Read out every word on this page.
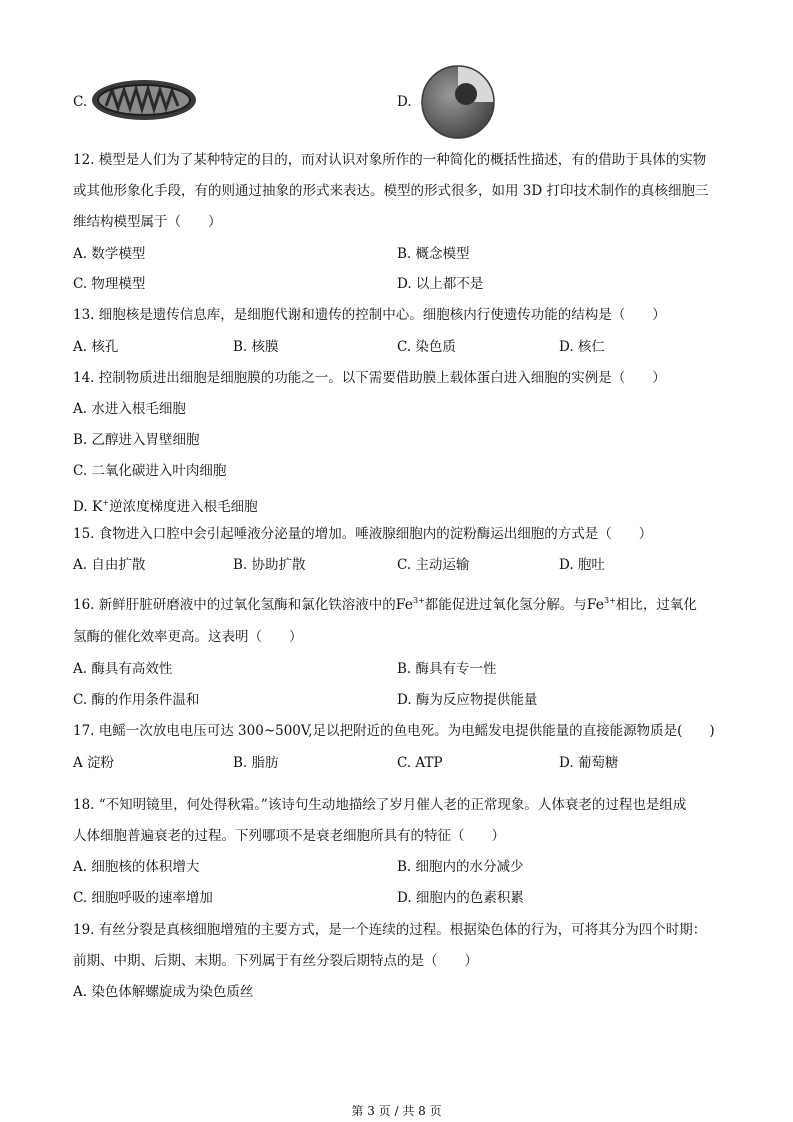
C.	D.
12. 模型是人们为了某种特定的目的，而对认识对象所作的一种简化的概括性描述，有的借助于具体的实物
或其他形象化手段，有的则通过抽象的形式来表达。模型的形式很多，如用 3D 打印技术制作的真核细胞三
维结构模型属于（　　）
A. 数学模型	B. 概念模型
C. 物理模型	D. 以上都不是
13. 细胞核是遗传信息库，是细胞代谢和遗传的控制中心。细胞核内行使遗传功能的结构是（　　）
A. 核孔	B. 核膜	C. 染色质	D. 核仁
14. 控制物质进出细胞是细胞膜的功能之一。以下需要借助膜上载体蛋白进入细胞的实例是（　　）
A. 水进入根毛细胞
B. 乙醇进入胃壁细胞
C. 二氧化碳进入叶肉细胞
D. K+逆浓度梯度进入根毛细胞
15. 食物进入口腔中会引起唾液分泌量的增加。唾液腺细胞内的淀粉酶运出细胞的方式是（　　）
A. 自由扩散	B. 协助扩散	C. 主动运输	D. 胞吐
16. 新鲜肝脏研磨液中的过氧化氢酶和氯化铁溶液中的$Fe^{3+}$都能促进过氧化氢分解。与$Fe^{3+}$相比，过氧化
氢酶的催化效率更高。这表明（　　）
A. 酶具有高效性	B. 酶具有专一性
C. 酶的作用条件温和	D. 酶为反应物提供能量
17. 电鳐一次放电电压可达 300~500V,足以把附近的鱼电死。为电鳐发电提供能量的直接能源物质是(　　)
A 淀粉	B. 脂肪	C. ATP	D. 葡萄糖
18. “不知明镜里，何处得秋霜。”该诗句生动地描绘了岁月催人老的正常现象。人体衰老的过程也是组成
人体细胞普遍衰老的过程。下列哪项不是衰老细胞所具有的特征（　　）
A. 细胞核的体积增大	B. 细胞内的水分减少
C. 细胞呼吸的速率增加	D. 细胞内的色素积累
19. 有丝分裂是真核细胞增殖的主要方式，是一个连续的过程。根据染色体的行为，可将其分为四个时期：
前期、中期、后期、末期。下列属于有丝分裂后期特点的是（　　）
A. 染色体解螺旋成为染色质丝
第 3 页 / 共 8 页
